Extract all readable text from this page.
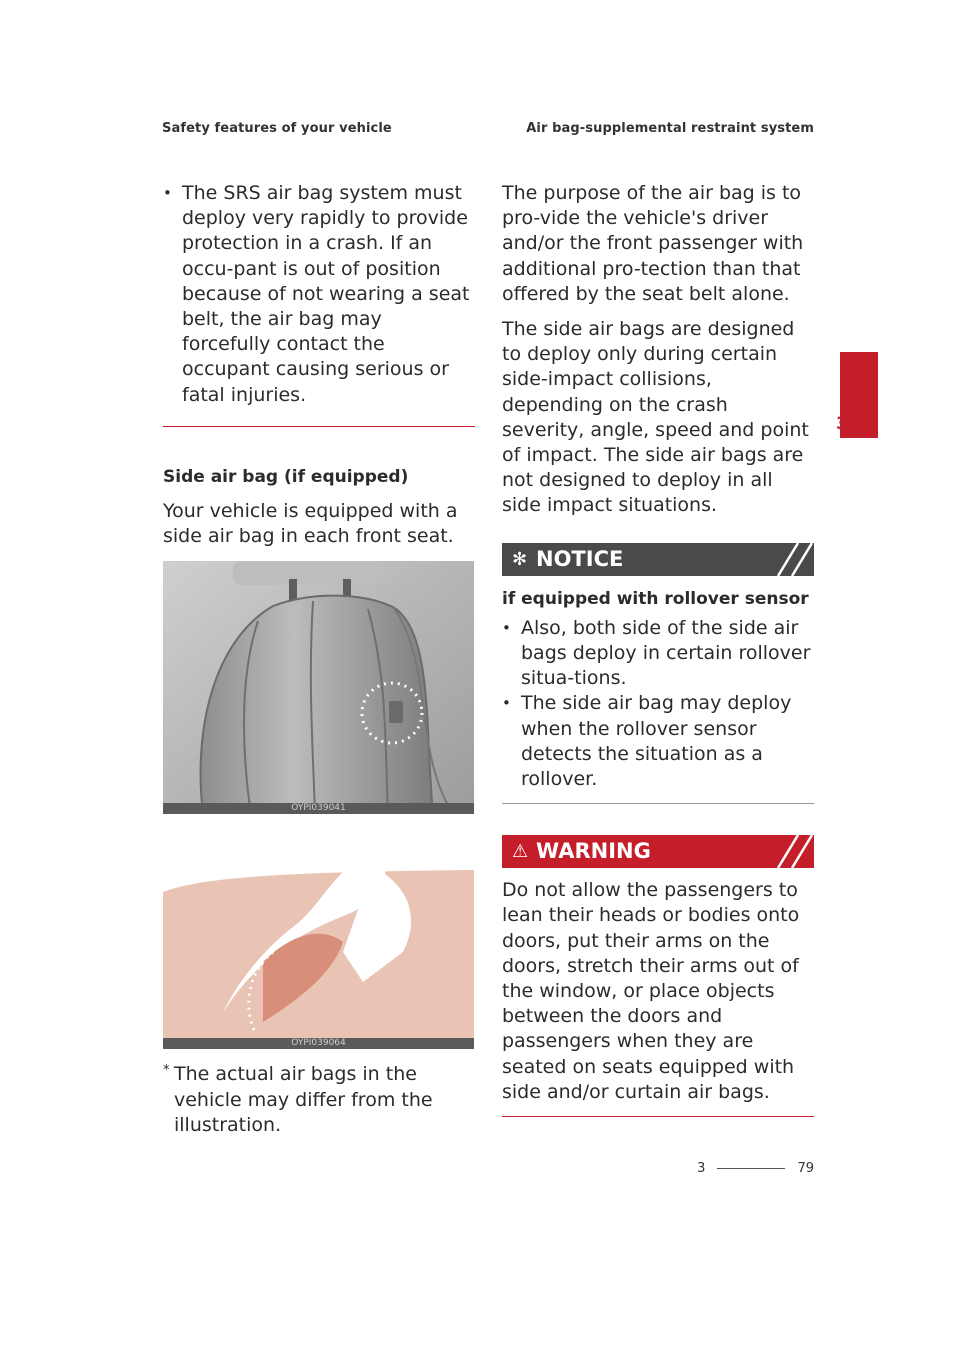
Safety features of your vehicle	Air bag-supplemental restraint system
3

• The SRS air bag system must deploy very rapidly to provide protection in a crash. If an occu-pant is out of position because of not wearing a seat belt, the air bag may forcefully contact the occupant causing serious or fatal injuries.

Side air bag (if equipped)

Your vehicle is equipped with a side air bag in each front seat.

OYPI039041
OYPI039064
* The actual air bags in the vehicle may differ from the illustration.

The purpose of the air bag is to pro-vide the vehicle's driver and/or the front passenger with additional pro-tection than that offered by the seat belt alone.

The side air bags are designed to deploy only during certain side-impact collisions, depending on the crash severity, angle, speed and point of impact. The side air bags are not designed to deploy in all side impact situations.

✻ NOTICE
if equipped with rollover sensor

• Also, both side of the side air bags deploy in certain rollover situa-tions.

• The side air bag may deploy when the rollover sensor detects the situation as a rollover.

⚠ WARNING

Do not allow the passengers to lean their heads or bodies onto doors, put their arms on the doors, stretch their arms out of the window, or place objects between the doors and passengers when they are seated on seats equipped with side and/or curtain air bags.

3	79
